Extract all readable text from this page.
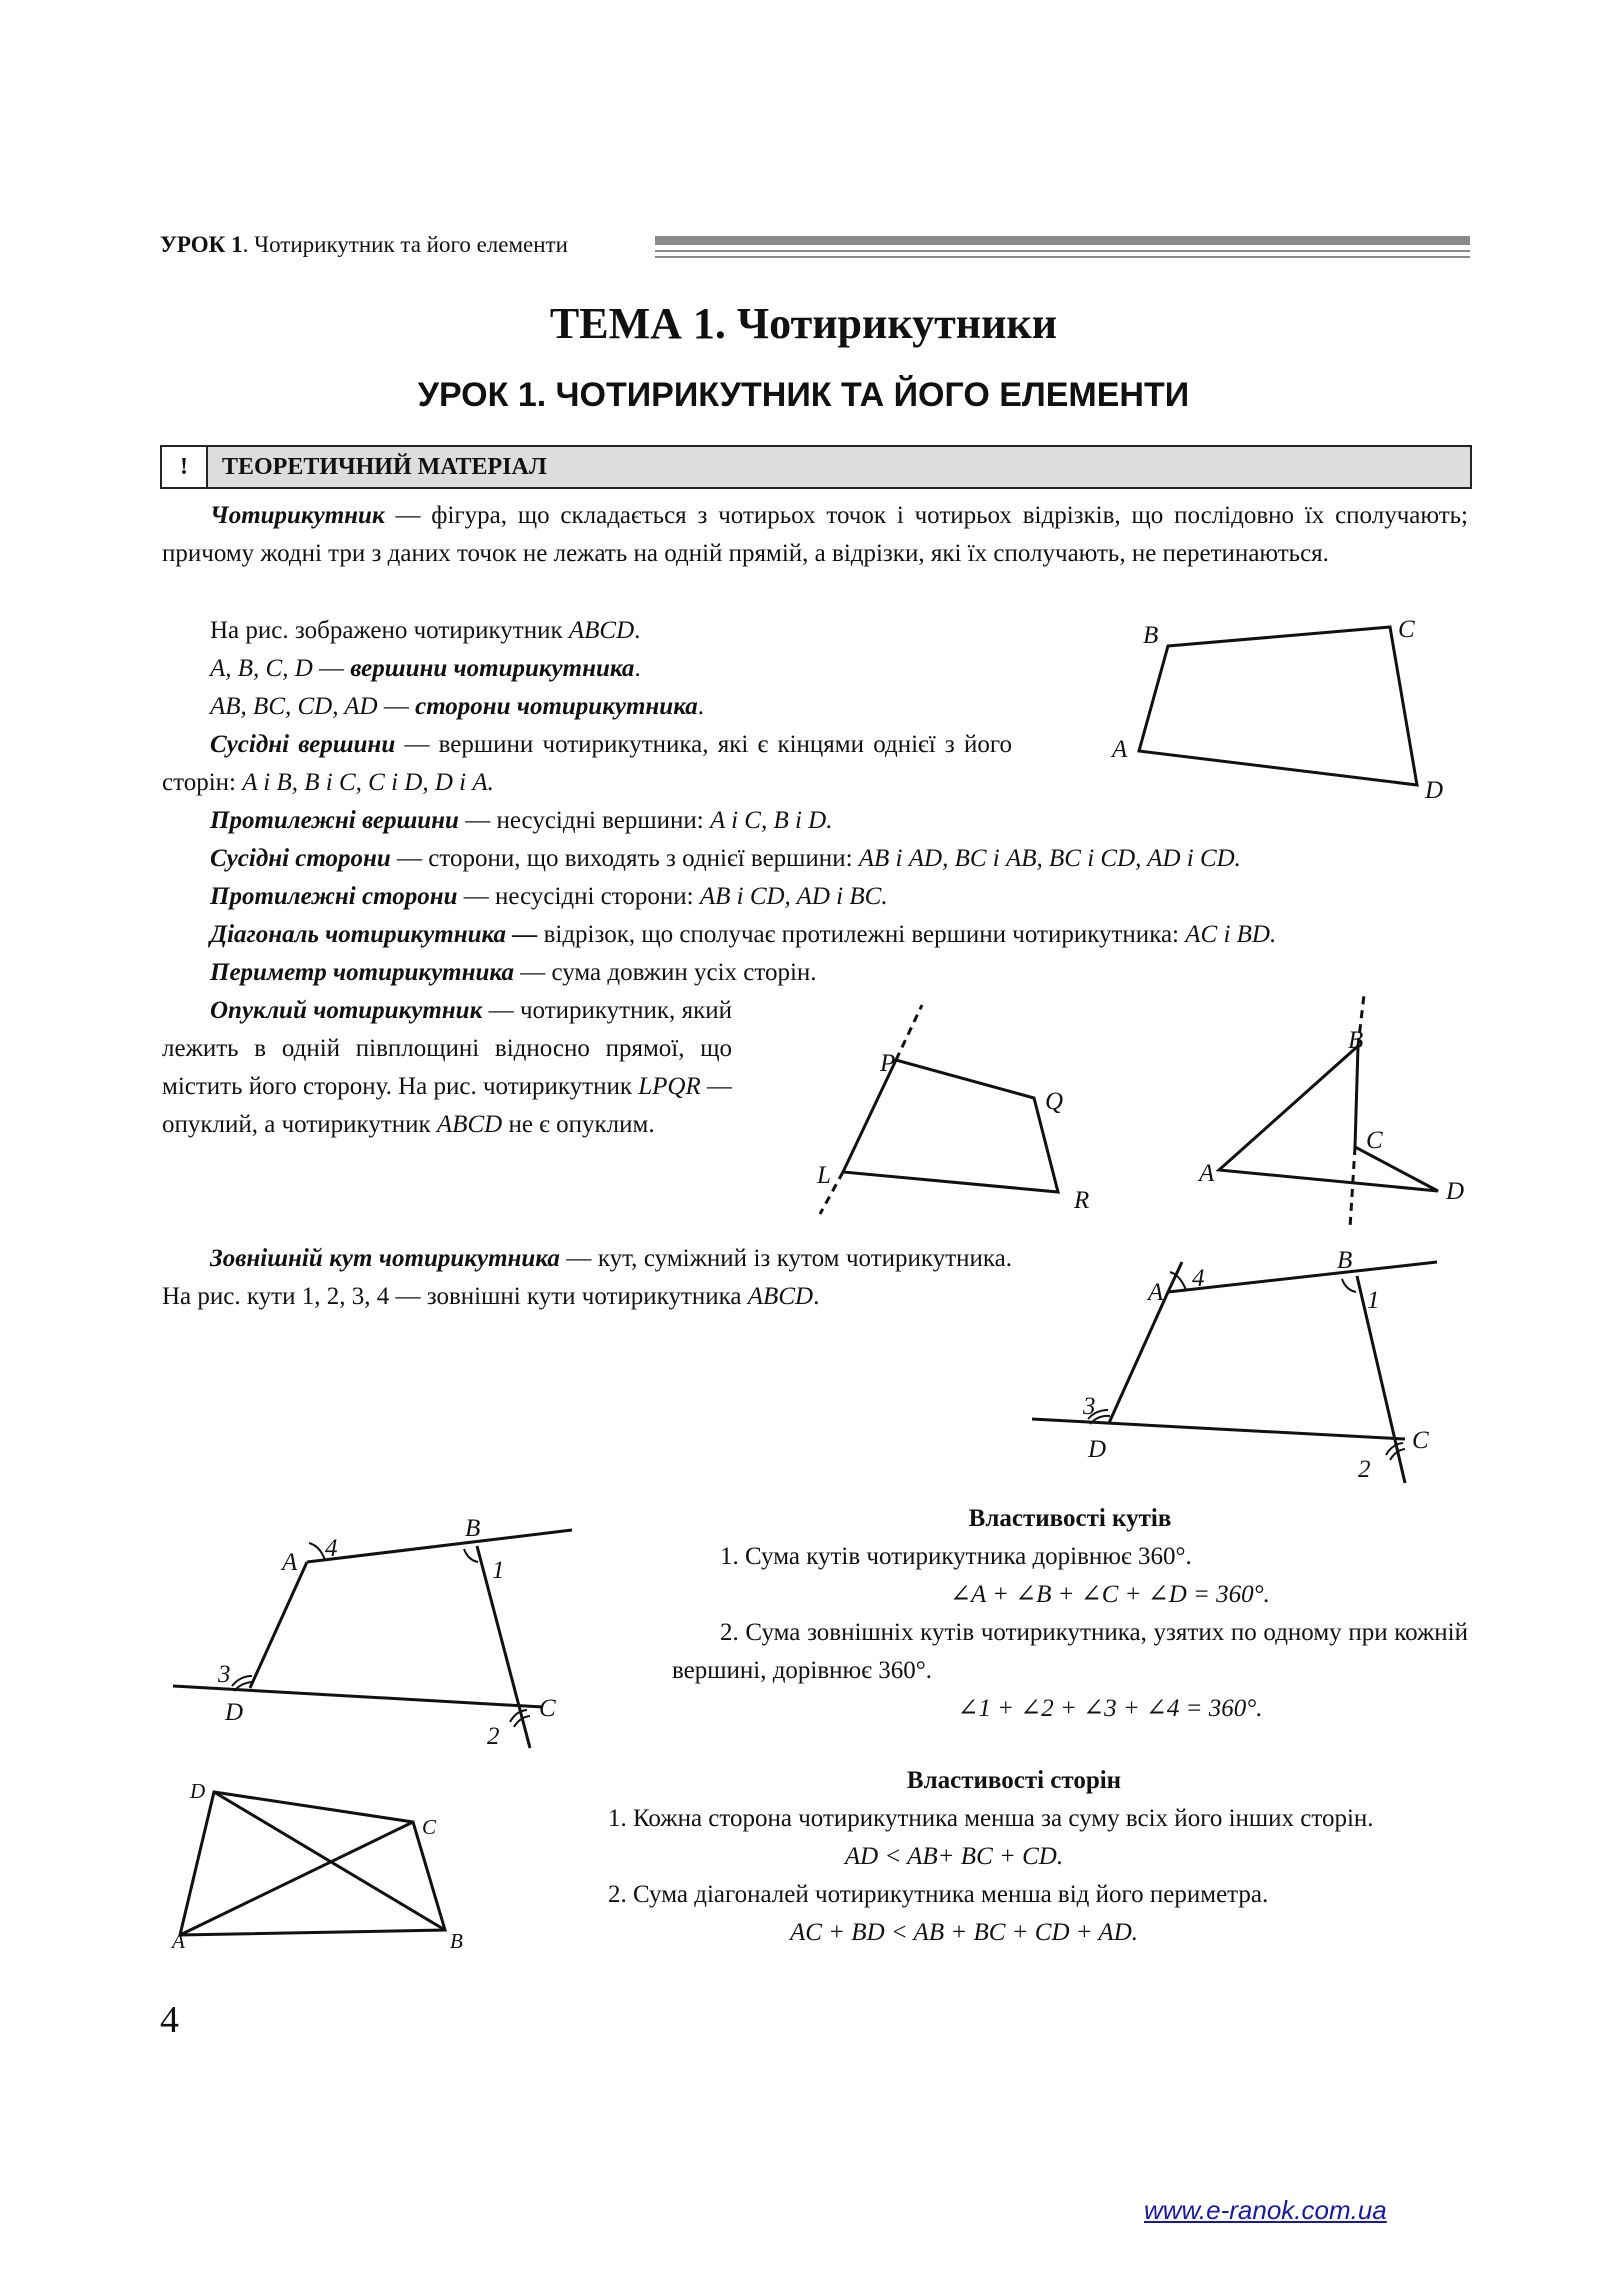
УРОК 1. Чотирикутник та його елементи
ТЕМА 1. Чотирикутники
УРОК 1. ЧОТИРИКУТНИК ТА ЙОГО ЕЛЕМЕНТИ
!	ТЕОРЕТИЧНИЙ МАТЕРІАЛ

Чотирикутник — фігура, що складається з чотирьох точок і чотирьох відрізків, що послідовно їх сполучають; причому жодні три з даних точок не лежать на одній прямій, а відрізки, які їх сполучають, не перетинаються.

На рис. зображено чотирикутник ABCD.

A, B, C, D — вершини чотирикутника.

AB, BC, CD, AD — сторони чотирикутника.

Сусідні вершини — вершини чотирикутника, які є кінцями однієї з його сторін: A і B, B і C, C і D, D і A.

Протилежні вершини — несусідні вершини: A і C, B і D.

Сусідні сторони — сторони, що виходять з однієї вершини: AB і AD, BC і AB, BC і CD, AD і CD.

Протилежні сторони — несусідні сторони: AB і CD, AD і BC.

Діагональ чотирикутника — відрізок, що сполучає протилежні вершини чотирикутника: AC і BD.

Периметр чотирикутника — сума довжин усіх сторін.

Опуклий чотирикутник — чотирикутник, який лежить в одній півплощині відносно прямої, що містить його сторону. На рис. чотирикутник LPQR — опуклий, а чотирикутник ABCD не є опуклим.

Зовнішній кут чотирикутника — кут, суміжний із кутом чотирикутника. На рис. кути 1, 2, 3, 4 — зовнішні кути чотирикутника ABCD.

Властивості кутів

1. Сума кутів чотирикутника дорівнює 360°.

∠A + ∠B + ∠C + ∠D = 360°.

2. Сума зовнішніх кутів чотирикутника, узятих по одному при кожній вершині, дорівнює 360°.

∠1 + ∠2 + ∠3 + ∠4 = 360°.

Властивості сторін

1. Кожна сторона чотирикутника менша за суму всіх його інших сторін.

AD < AB+ BC + CD.

2. Сума діагоналей чотирикутника менша від його периметра.

AC + BD < AB + BC + CD + AD.

B	C
A
D
P
Q
L
R
B
C
A
D
A
4
B
1
3
D	C
2
A
4
B
1
3
D	C
2
D
C
A	B
4
www.e-ranok.com.ua
